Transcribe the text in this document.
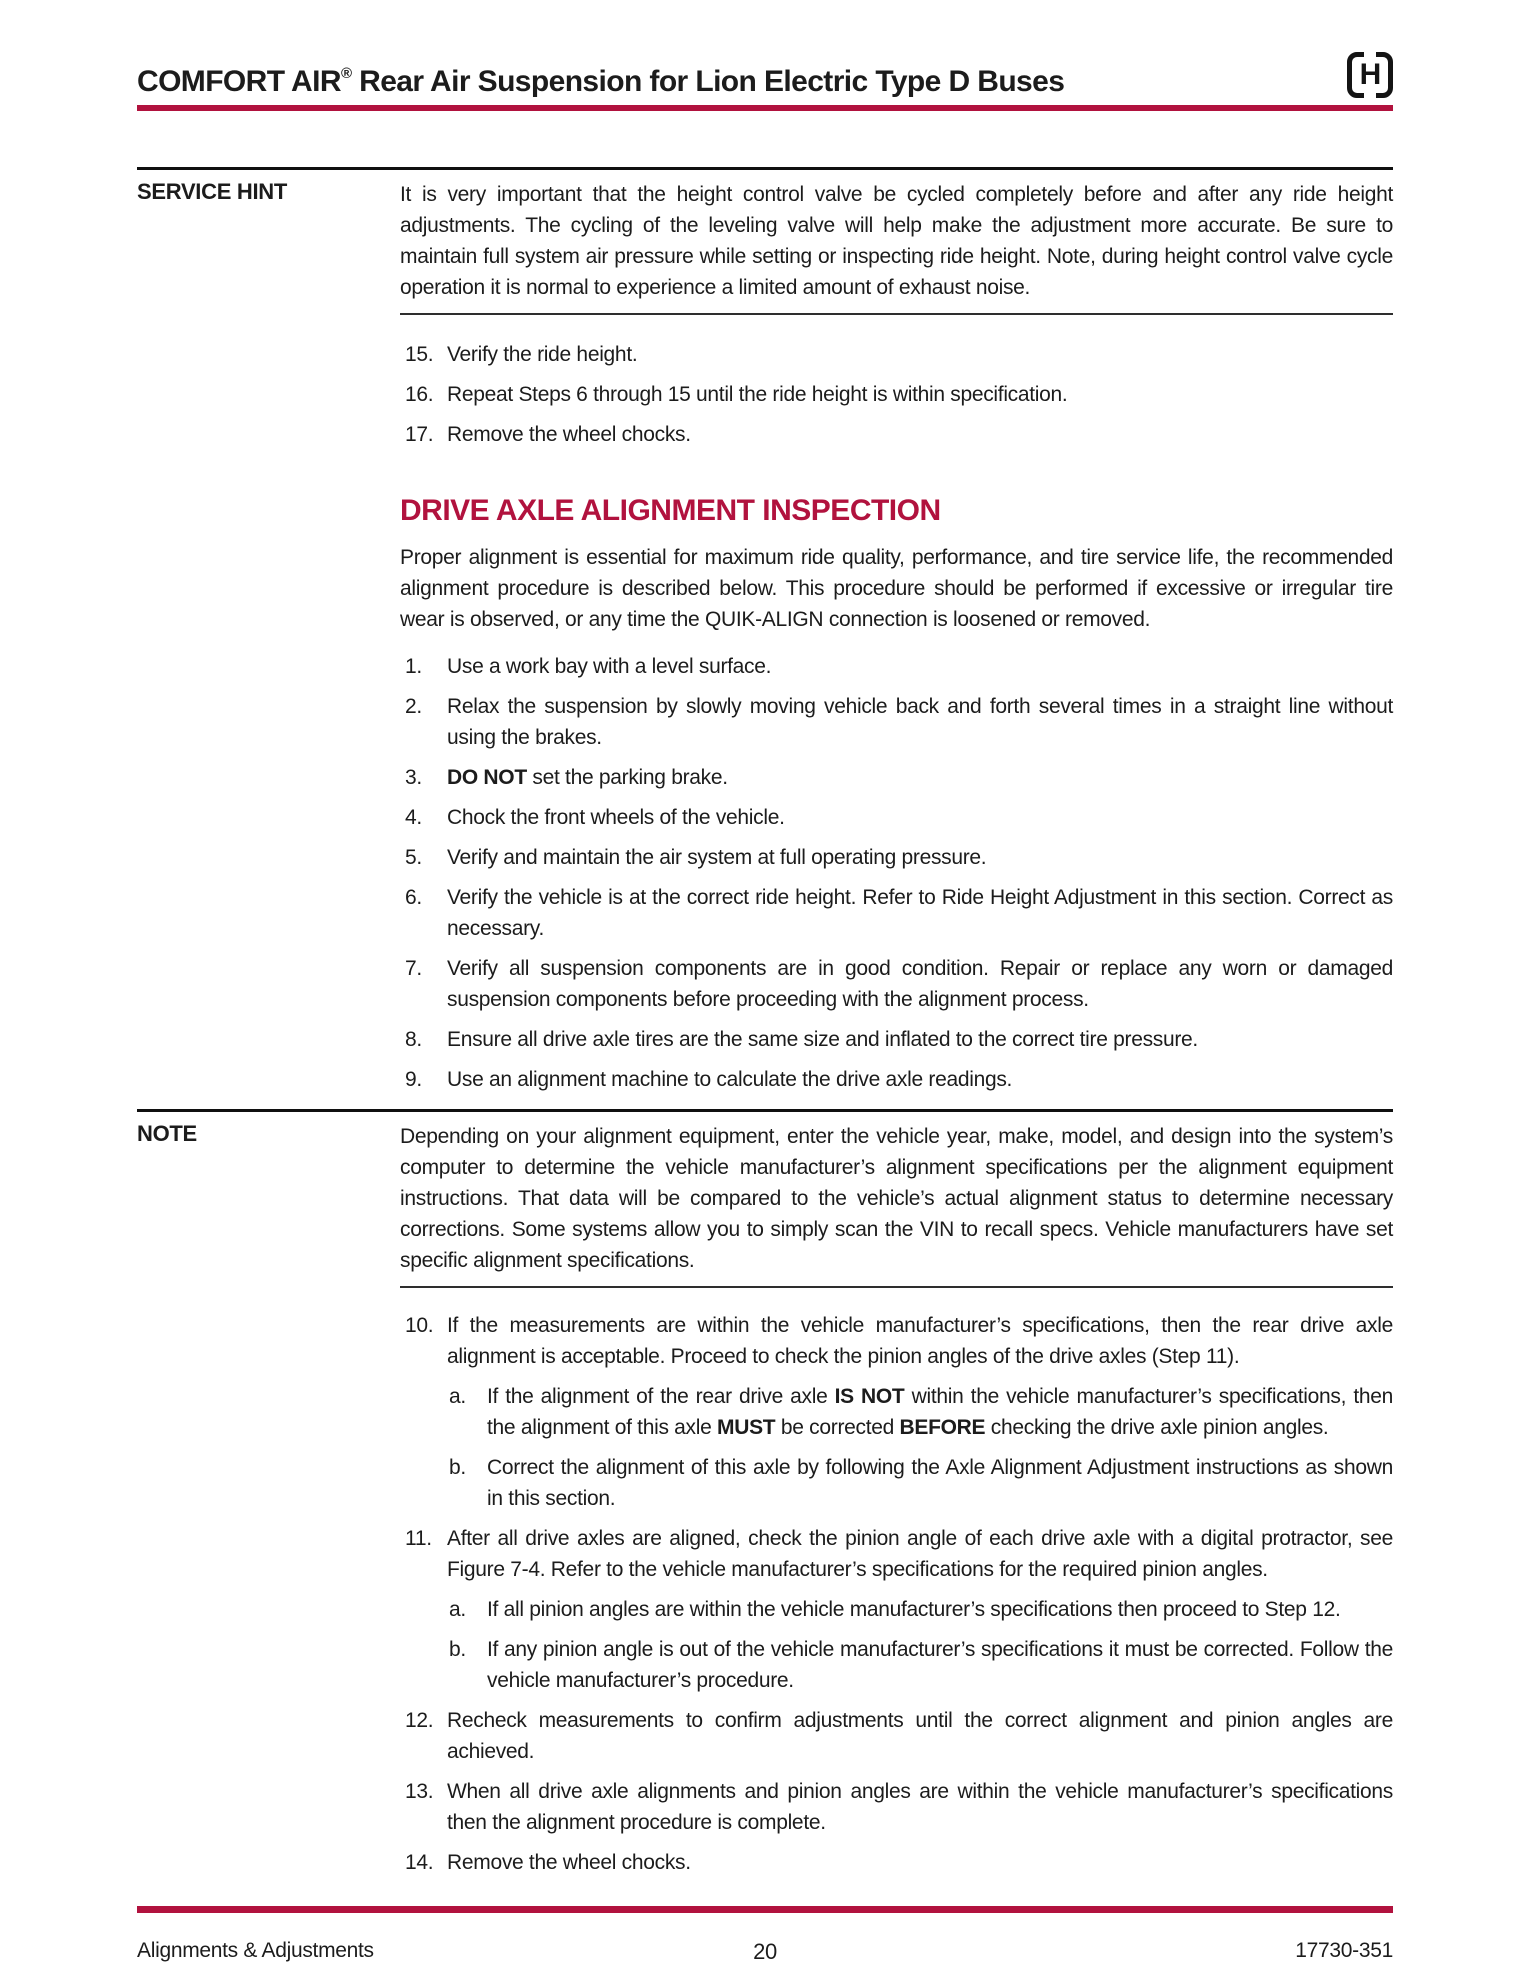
COMFORT AIR® Rear Air Suspension for Lion Electric Type D Buses	H
SERVICE HINT	It is very important that the height control valve be cycled completely before and after any ride height adjustments. The cycling of the leveling valve will help make the adjustment more accurate. Be sure to maintain full system air pressure while setting or inspecting ride height. Note, during height control valve cycle operation it is normal to experience a limited amount of exhaust noise.
15. Verify the ride height.
16. Repeat Steps 6 through 15 until the ride height is within specification.
17. Remove the wheel chocks.
DRIVE AXLE ALIGNMENT INSPECTION
Proper alignment is essential for maximum ride quality, performance, and tire service life, the recommended alignment procedure is described below. This procedure should be performed if excessive or irregular tire wear is observed, or any time the QUIK-ALIGN connection is loosened or removed.
1.	Use a work bay with a level surface.
2.	Relax the suspension by slowly moving vehicle back and forth several times in a straight line without using the brakes.
3.	DO NOT set the parking brake.
4.	Chock the front wheels of the vehicle.
5.	Verify and maintain the air system at full operating pressure.
6.	Verify the vehicle is at the correct ride height. Refer to Ride Height Adjustment in this section. Correct as necessary.
7.	Verify all suspension components are in good condition. Repair or replace any worn or damaged suspension components before proceeding with the alignment process.
8.	Ensure all drive axle tires are the same size and inflated to the correct tire pressure.
9.	Use an alignment machine to calculate the drive axle readings.
NOTE	Depending on your alignment equipment, enter the vehicle year, make, model, and design into the system’s computer to determine the vehicle manufacturer’s alignment specifications per the alignment equipment instructions. That data will be compared to the vehicle’s actual alignment status to determine necessary corrections. Some systems allow you to simply scan the VIN to recall specs. Vehicle manufacturers have set specific alignment specifications.
10. If the measurements are within the vehicle manufacturer’s specifications, then the rear drive axle alignment is acceptable. Proceed to check the pinion angles of the drive axles (Step 11).
a.	If the alignment of the rear drive axle IS NOT within the vehicle manufacturer’s specifications, then the alignment of this axle MUST be corrected BEFORE checking the drive axle pinion angles.
b.	Correct the alignment of this axle by following the Axle Alignment Adjustment instructions as shown in this section.
11. After all drive axles are aligned, check the pinion angle of each drive axle with a digital protractor, see Figure 7-4. Refer to the vehicle manufacturer’s specifications for the required pinion angles.
a.	If all pinion angles are within the vehicle manufacturer’s specifications then proceed to Step 12.
b.	If any pinion angle is out of the vehicle manufacturer’s specifications it must be corrected. Follow the vehicle manufacturer’s procedure.
12. Recheck measurements to confirm adjustments until the correct alignment and pinion angles are achieved.
13. When all drive axle alignments and pinion angles are within the vehicle manufacturer’s specifications then the alignment procedure is complete.
14. Remove the wheel chocks.
Alignments & Adjustments	20	17730-351
